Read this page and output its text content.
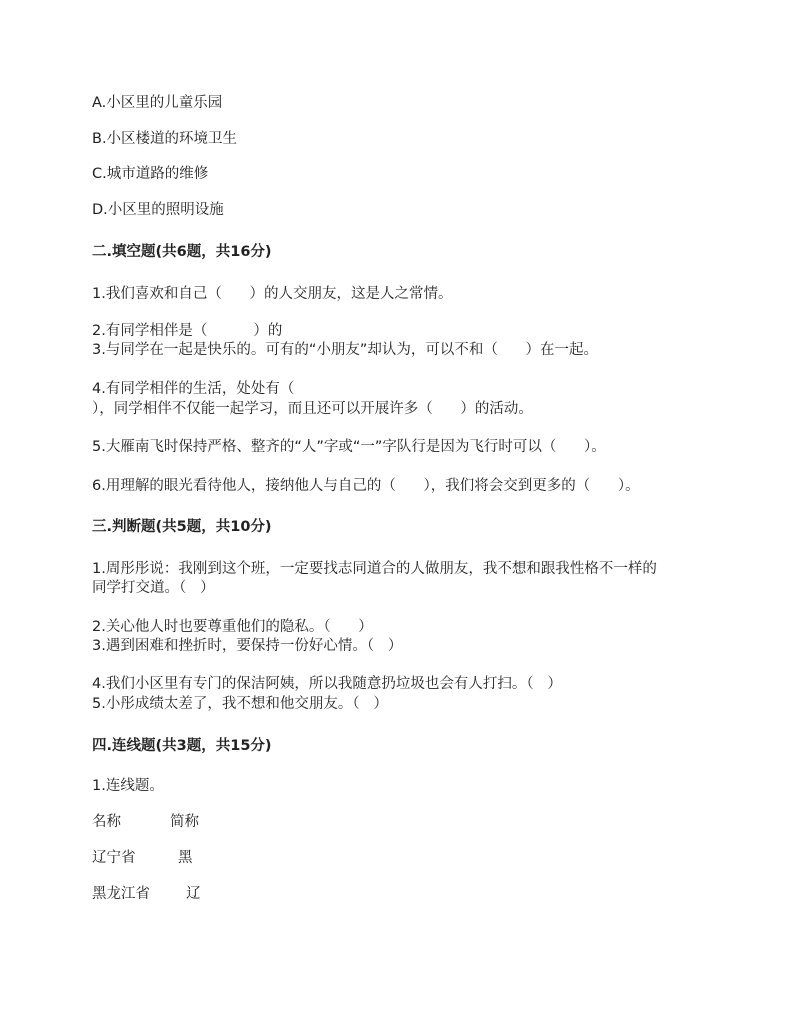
A.小区里的儿童乐园
B.小区楼道的环境卫生
C.城市道路的维修
D.小区里的照明设施
二.填空题(共6题，共16分)
1.我们喜欢和自己（      ）的人交朋友，这是人之常情。
2.有同学相伴是（          ）的
3.与同学在一起是快乐的。可有的“小朋友”却认为，可以不和（      ）在一起。
4.有同学相伴的生活，处处有（
），同学相伴不仅能一起学习，而且还可以开展许多（      ）的活动。
5.大雁南飞时保持严格、整齐的“人”字或“一”字队行是因为飞行时可以（      ）。
6.用理解的眼光看待他人，接纳他人与自己的（      ），我们将会交到更多的（      ）。
三.判断题(共5题，共10分)
1.周彤彤说：我刚到这个班，一定要找志同道合的人做朋友，我不想和跟我性格不一样的
同学打交道。（   ）
2.关心他人时也要尊重他们的隐私。（      ）
3.遇到困难和挫折时，要保持一份好心情。（   ）
4.我们小区里有专门的保洁阿姨，所以我随意扔垃圾也会有人打扫。（   ）
5.小彤成绩太差了，我不想和他交朋友。（   ）
四.连线题(共3题，共15分)
1.连线题。
名称	简称
辽宁省	黑
黑龙江省 辽
